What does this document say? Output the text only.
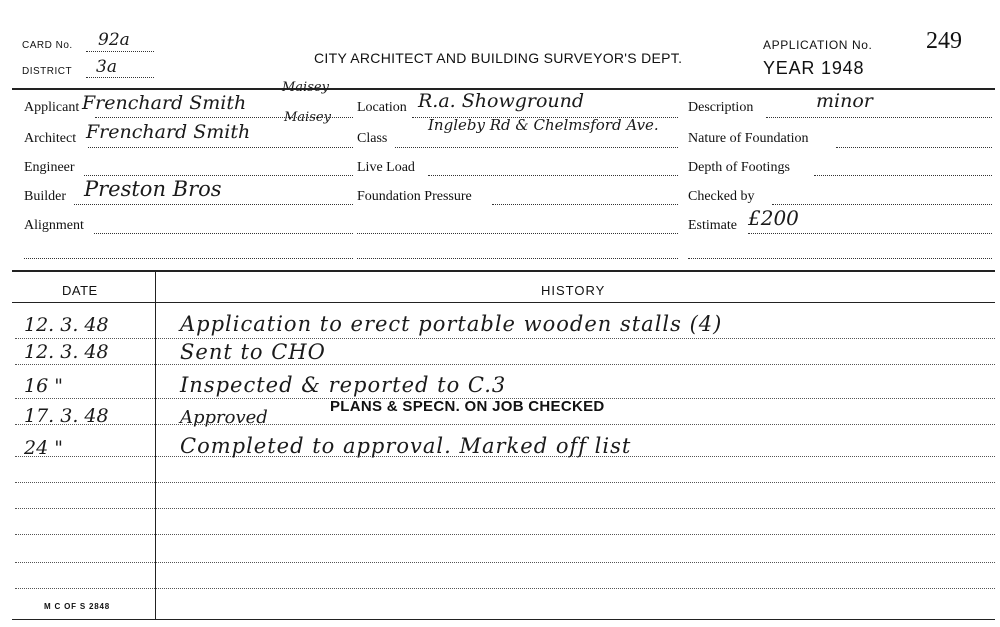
CARD No. 92a
DISTRICT 3a	CITY ARCHITECT AND BUILDING SURVEYOR'S DEPT.
APPLICATION No. 249
YEAR 1948
Applicant Frenchard Smith
Maisey
Architect Frenchard Smith
Maisey
Engineer
Builder Preston Bros
Alignment
Location R.a. Showground
Class
Ingleby Rd & Chelmsford Ave.
Live Load
Foundation Pressure
Description	minor
Nature of Foundation
Depth of Footings
Checked by
Estimate £200
DATE	HISTORY
12. 3. 48	Application to erect portable wooden stalls (4)
12. 3. 48	Sent to CHO
16 "	Inspected & reported to C.3
17. 3. 48	Approved
PLANS & SPECN. ON JOB CHECKED
24 "	Completed to approval. Marked off list
M C OF S 2848
